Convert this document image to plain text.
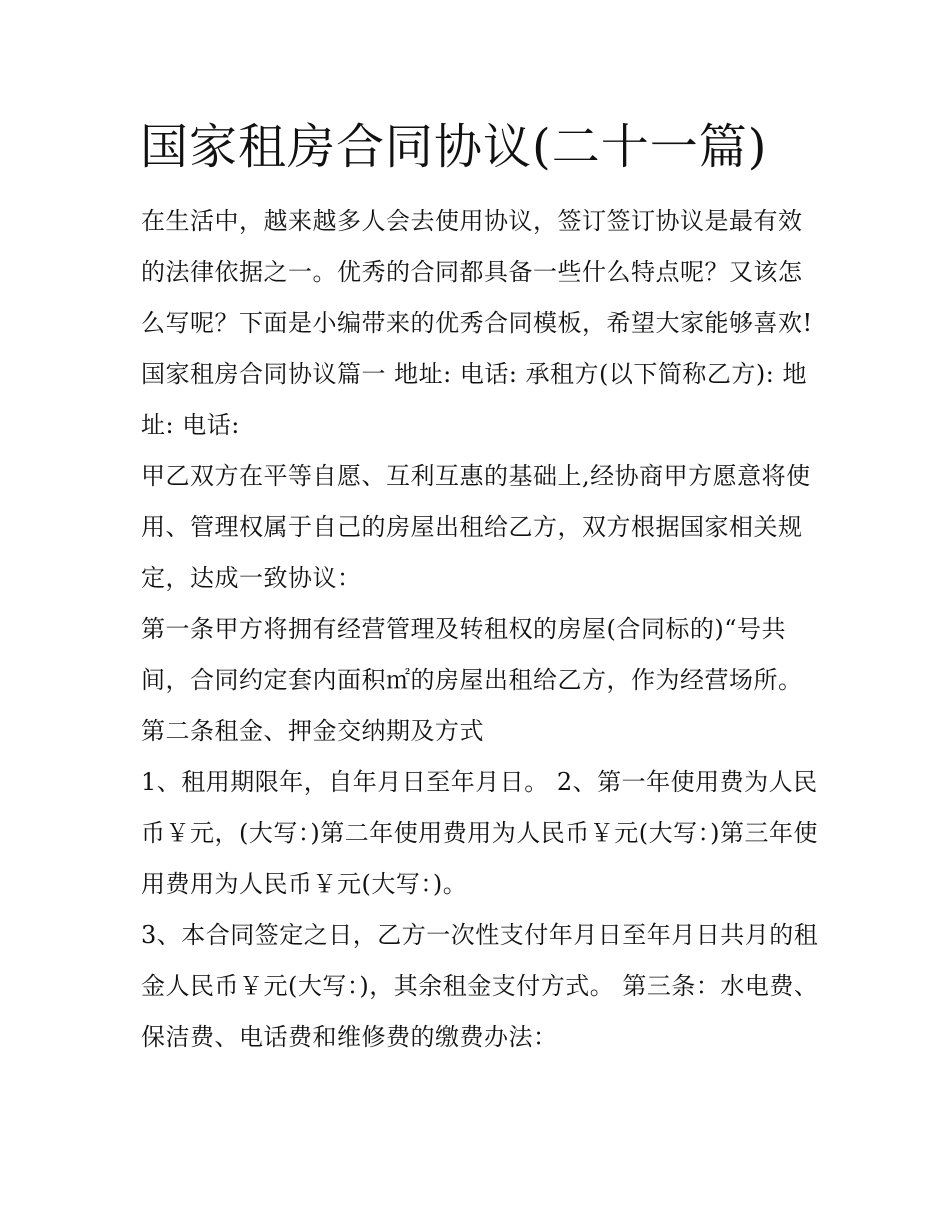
国家租房合同协议(二十一篇)

在生活中，越来越多人会去使用协议，签订签订协议是最有效的法律依据之一。优秀的合同都具备一些什么特点呢？又该怎么写呢？下面是小编带来的优秀合同模板，希望大家能够喜欢!

国家租房合同协议篇一 地址: 电话: 承租方(以下简称乙方): 地址: 电话:

甲乙双方在平等自愿、互利互惠的基础上,经协商甲方愿意将使用、管理权属于自己的房屋出租给乙方，双方根据国家相关规定，达成一致协议：

第一条甲方将拥有经营管理及转租权的房屋(合同标的)“号共间，合同约定套内面积㎡的房屋出租给乙方，作为经营场所。

第二条租金、押金交纳期及方式

1、租用期限年，自年月日至年月日。 2、第一年使用费为人民币￥元，(大写：)第二年使用费用为人民币￥元(大写：)第三年使用费用为人民币￥元(大写：)。

3、本合同签定之日，乙方一次性支付年月日至年月日共月的租金人民币￥元(大写：)，其余租金支付方式。 第三条：水电费、保洁费、电话费和维修费的缴费办法：
